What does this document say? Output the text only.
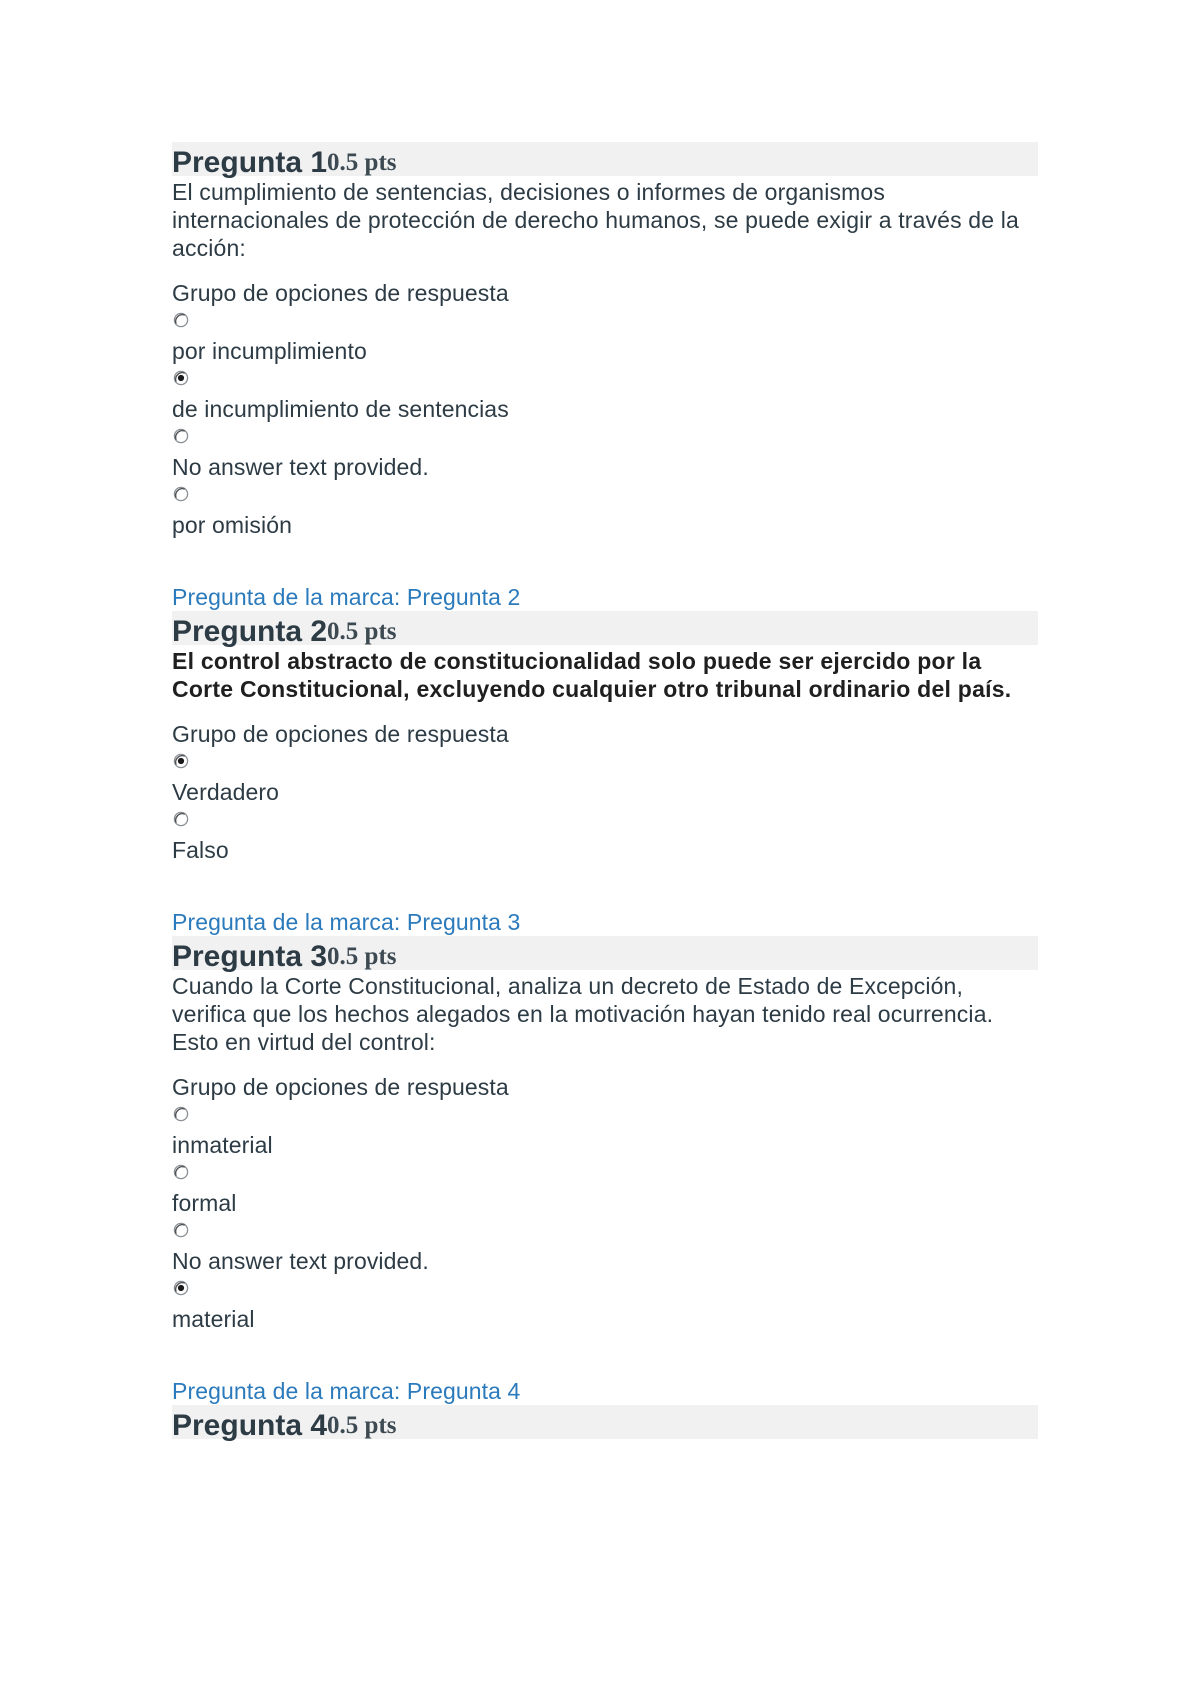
Pregunta 1 0.5 pts
El cumplimiento de sentencias, decisiones o informes de organismos internacionales de protección de derecho humanos, se puede exigir a través de la acción:
Grupo de opciones de respuesta
por incumplimiento
de incumplimiento de sentencias
No answer text provided.
por omisión
Pregunta de la marca: Pregunta 2
Pregunta 2 0.5 pts
El control abstracto de constitucionalidad solo puede ser ejercido por la Corte Constitucional, excluyendo cualquier otro tribunal ordinario del país.
Grupo de opciones de respuesta
Verdadero
Falso
Pregunta de la marca: Pregunta 3
Pregunta 3 0.5 pts
Cuando la Corte Constitucional, analiza un decreto de Estado de Excepción, verifica que los hechos alegados en la motivación hayan tenido real ocurrencia. Esto en virtud del control:
Grupo de opciones de respuesta
inmaterial
formal
No answer text provided.
material
Pregunta de la marca: Pregunta 4
Pregunta 4 0.5 pts
